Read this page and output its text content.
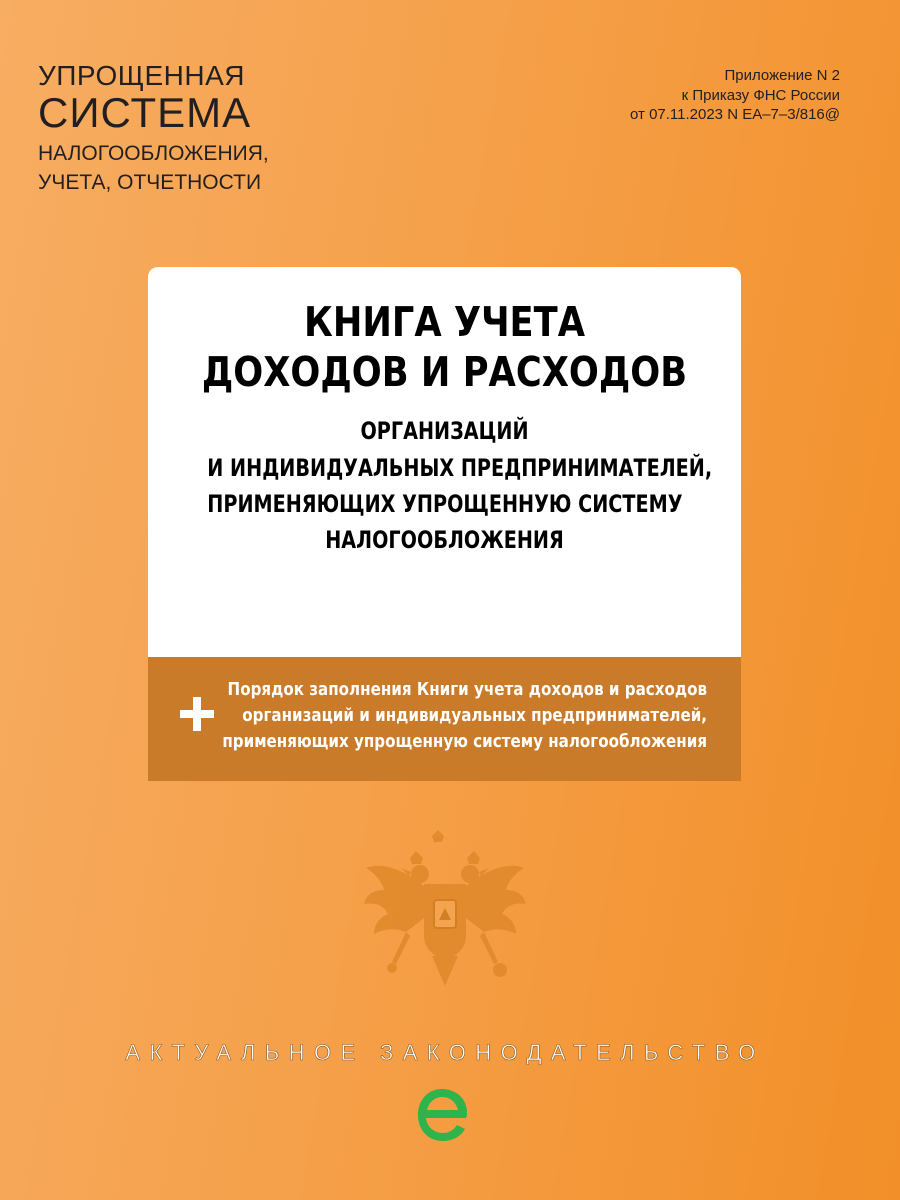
УПРОЩЕННАЯ
СИСТЕМА
НАЛОГООБЛОЖЕНИЯ,
УЧЕТА, ОТЧЕТНОСТИ
Приложение N 2
к Приказу ФНС России
от 07.11.2023 N ЕА–7–3/816@
КНИГА УЧЕТА
ДОХОДОВ И РАСХОДОВ
ОРГАНИЗАЦИЙ
И ИНДИВИДУАЛЬНЫХ ПРЕДПРИНИМАТЕЛЕЙ,
ПРИМЕНЯЮЩИХ УПРОЩЕННУЮ СИСТЕМУ
НАЛОГООБЛОЖЕНИЯ
Порядок заполнения Книги учета доходов и расходов
организаций и индивидуальных предпринимателей,
применяющих упрощенную систему налогообложения
АКТУАЛЬНОЕ ЗАКОНОДАТЕЛЬСТВО
